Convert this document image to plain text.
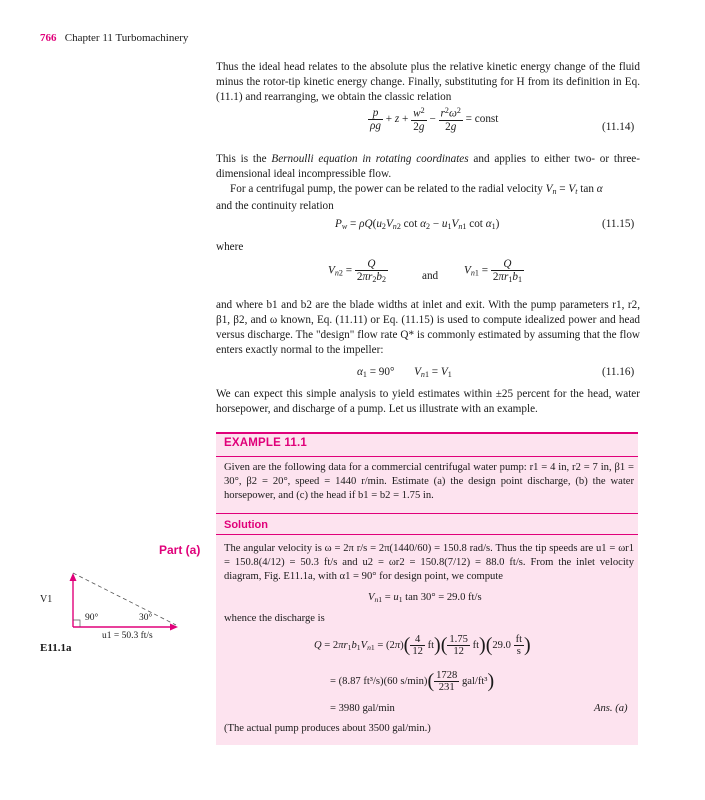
766 Chapter 11 Turbomachinery
Thus the ideal head relates to the absolute plus the relative kinetic energy change of the fluid minus the rotor-tip kinetic energy change. Finally, substituting for H from its definition in Eq. (11.1) and rearranging, we obtain the classic relation
$\frac{p}{\rho g} + z + \frac{w^2}{2g} - \frac{r^2\omega^2}{2g}$ = const
(11.14)
This is the Bernoulli equation in rotating coordinates and applies to either two- or three-dimensional ideal incompressible flow.
For a centrifugal pump, the power can be related to the radial velocity $V_n = V_t$ tan α
and the continuity relation
$P_w = \rho Q(u_2V_{n2}$ $\cot \alpha_2 - u_1V_{n1}$ $\cot \alpha_1$)	(11.15)
where
$V_{n2} = \frac{Q}{2\pi r_2b_2}$	and $V_{n1} = \frac{Q}{2\pi r_1b_1}$
and where b1 and b2 are the blade widths at inlet and exit. With the pump parameters r1, r2, β1, β2, and ω known, Eq. (11.11) or Eq. (11.15) is used to compute idealized power and head versus discharge. The "design" flow rate Q* is commonly estimated by assuming that the flow enters exactly normal to the impeller:
$\alpha_1 = 90^\circ$       $V_{n1} = V_1$	(11.16)
We can expect this simple analysis to yield estimates within ±25 percent for the head, water horsepower, and discharge of a pump. Let us illustrate with an example.
EXAMPLE 11.1
Given are the following data for a commercial centrifugal water pump: r1 = 4 in, r2 = 7 in, β1 = 30°, β2 = 20°, speed = 1440 r/min. Estimate (a) the design point discharge, (b) the water horsepower, and (c) the head if b1 = b2 = 1.75 in.
Solution
Part (a) The angular velocity is ω = 2π r/s = 2π(1440/60) = 150.8 rad/s. Thus the tip speeds are u1 = ωr1 = 150.8(4/12) = 50.3 ft/s and u2 = ωr2 = 150.8(7/12) = 88.0 ft/s. From the inlet velocity diagram, Fig. E11.1a, with α1 = 90° for design point, we compute
$V_{n1} = u_1$ tan 30° = 29.0 ft/s
whence the discharge is
$Q = 2\pi r_1b_1V_{n1} = (2\pi)( \frac{4}{12} ft)( \frac{1.75}{12} ft)(29.0 \frac{ft}{s}$ )
= (8.87 ft³/s)(60 $s/\min)( \frac{1728}{231} gal/ft^3)$
= 3980 gal/min	Ans. (a)
(The actual pump produces about 3500 gal/min.)
V1
90°	30°
u1 = 50.3 ft/s
E11.1a
